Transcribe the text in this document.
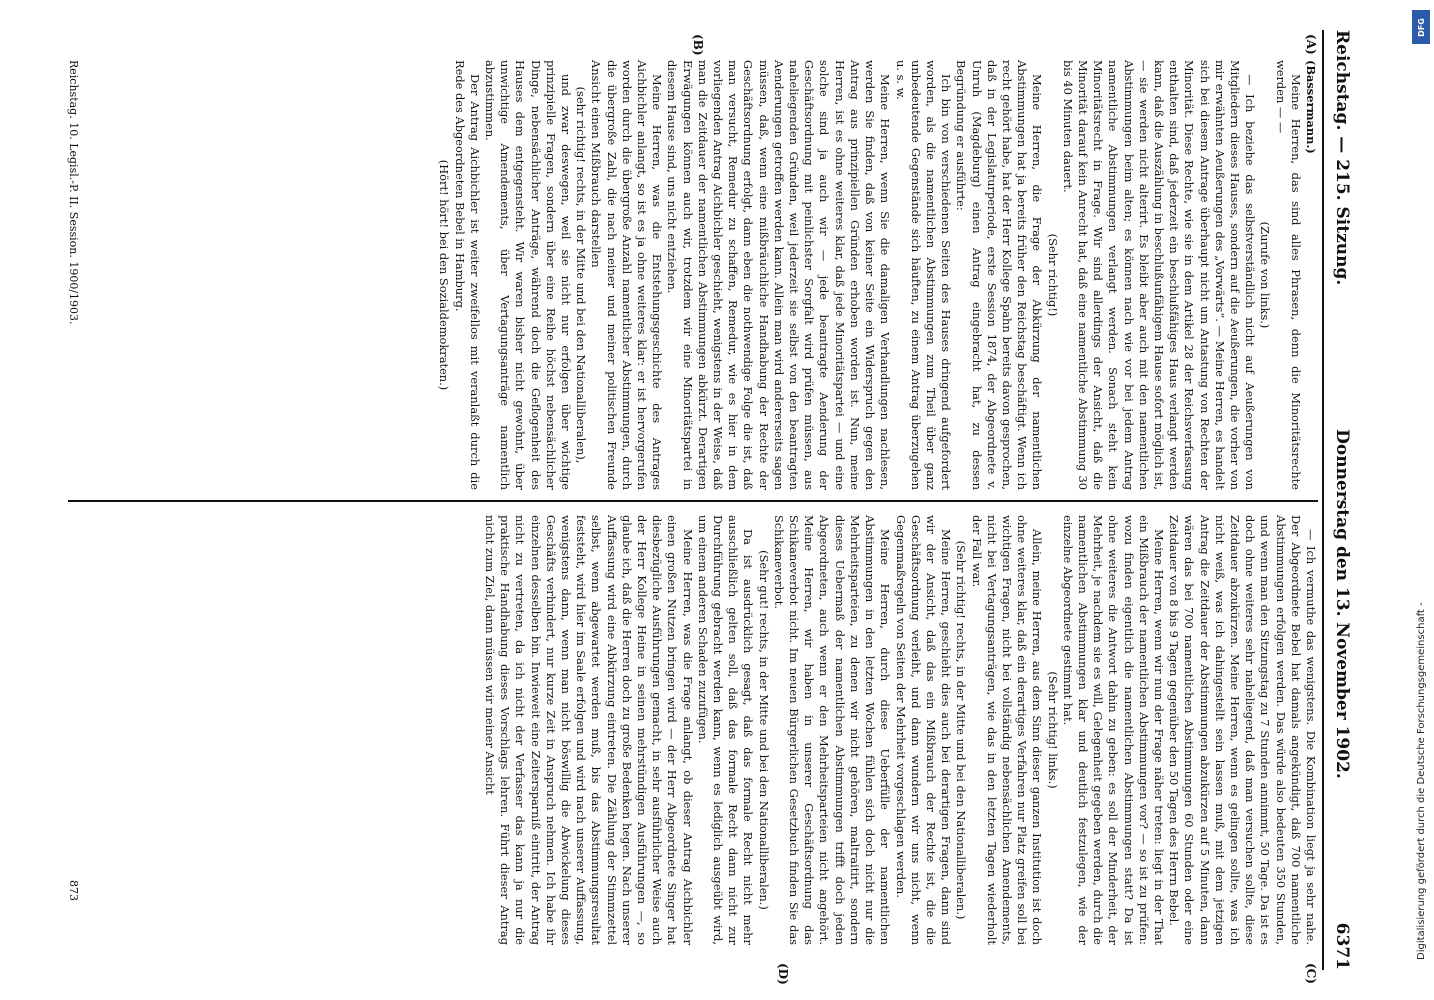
Reichstag. — 215. Sitzung.
Donnerstag den 13. November 1902.
6371
(A)
(B)
(C)
(D)

(Bassermann.)

Meine Herren, das sind alles Phrasen, denn die Minoritätsrechte werden — —

(Zurufe von links.)

— Ich beziehe das selbstverständlich nicht auf Aeußerungen von Mitgliedern dieses Hauses, sondern auf die Aeußerungen, die vorher von mir erwähnten Aeußerungen des „Vorwärts“. — Meine Herren, es handelt sich bei diesem Antrage überhaupt nicht um Antastung von Rechten der Minorität. Diese Rechte, wie sie in dem Artikel 28 der Reichsverfassung enthalten sind, daß jederzeit ein beschlußfähiges Haus verlangt werden kann, daß die Auszählung in beschlußunfähigem Hause sofort möglich ist, — sie werden nicht alterirt. Es bleibt aber auch mit den namentlichen Abstimmungen beim alten; es können nach wie vor bei jedem Antrag namentliche Abstimmungen verlangt werden. Sonach steht kein Minoritätsrecht in Frage. Wir sind allerdings der Ansicht, daß die Minorität darauf kein Anrecht hat, daß eine namentliche Abstimmung 30 bis 40 Minuten dauert.

(Sehr richtig!)

Meine Herren, die Frage der Abkürzung der namentlichen Abstimmungen hat ja bereits früher den Reichstag beschäftigt. Wenn ich recht gehört habe, hat der Herr Kollege Spahn bereits davon gesprochen, daß in der Legislaturperiode, erste Session 1874, der Abgeordnete v. Unruh (Magdeburg) einen Antrag eingebracht hat, zu dessen Begründung er ausführte:

Ich bin von verschiedenen Seiten des Hauses dringend aufgefordert worden, als die namentlichen Abstimmungen zum Theil über ganz unbedeutende Gegenstände sich häuften, zu einem Antrag überzugehen u. s. w.

Meine Herren, wenn Sie die damaligen Verhandlungen nachlesen, werden Sie finden, daß von keiner Seite ein Widerspruch gegen den Antrag aus prinzipiellen Gründen erhoben worden ist. Nun, meine Herren, ist es ohne weiteres klar, daß jede Minoritätspartei — und eine solche sind ja auch wir — jede beantragte Aenderung der Geschäftsordnung mit peinlichster Sorgfalt wird prüfen müssen, aus naheliegenden Gründen, weil jederzeit sie selbst von den beantragten Aenderungen getroffen werden kann. Allein man wird andererseits sagen müssen, daß, wenn eine mißbräuchliche Handhabung der Rechte der Geschäftsordnung erfolgt, dann eben die nothwendige Folge die ist, daß man versucht, Remedur zu schaffen, Remedur, wie es hier in dem vorliegenden Antrag Aichbichler geschieht, wenigstens in der Weise, daß man die Zeitdauer der namentlichen Abstimmungen abkürzt. Derartigen Erwägungen können auch wir, trotzdem wir eine Minoritätspartei in diesem Hause sind, uns nicht entziehen.

Meine Herren, was die Entstehungsgeschichte des Antrages Aichbichler anlangt, so ist es ja ohne weiteres klar: er ist hervorgerufen worden durch die übergroße Anzahl namentlicher Abstimmungen, durch die übergroße Zahl, die nach meiner und meiner politischen Freunde Ansicht einen Mißbrauch darstellen

(sehr richtig! rechts, in der Mitte und bei den Nationalliberalen),

und zwar deswegen, weil sie nicht nur erfolgen über wichtige prinzipielle Fragen, sondern über eine Reihe höchst nebensächlicher Dinge, nebensächlicher Anträge, während doch die Geflogenheit des Hauses dem entgegensteht. Wir waren bisher nicht gewohnt, über unwichtige Amendements, über Vertagungsanträge namentlich abzustimmen.

Der Antrag Aichbichler ist weiter zweifellos mit veranlaßt durch die Rede des Abgeordneten Bebel in Hamburg.

(Hört! hört! bei den Sozialdemokraten.)

— Ich vermuthe das wenigstens. Die Kombination liegt ja sehr nahe. Der Abgeordnete Bebel hat damals angekündigt, daß 700 namentliche Abstimmungen erfolgen werden. Das würde also bedeuten 350 Stunden, und wenn man den Sitzungstag zu 7 Stunden annimmt, 50 Tage. Da ist es doch ohne weiteres sehr naheliegend, daß man versuchen sollte, diese Zeitdauer abzukürzen. Meine Herren, wenn es gelingen sollte, was ich nicht weiß, was ich dahingestellt sein lassen muß, mit dem jetzigen Antrag die Zeitdauer der Abstimmungen abzukürzen auf 5 Minuten, dann wären das bei 700 namentlichen Abstimmungen 60 Stunden oder eine Zeitdauer von 8 bis 9 Tagen gegenüber den 50 Tagen des Herrn Bebel.

Meine Herren, wenn wir nun der Frage näher treten: liegt in der That ein Mißbrauch der namentlichen Abstimmungen vor? — so ist zu prüfen: wozu finden eigentlich die namentlichen Abstimmungen statt? Da ist ohne weiteres die Antwort dahin zu geben: es soll der Minderheit, der Mehrheit, je nachdem sie es will, Gelegenheit gegeben werden, durch die namentlichen Abstimmungen klar und deutlich festzulegen, wie der einzelne Abgeordnete gestimmt hat.

(Sehr richtig! links.)

Allein, meine Herren, aus dem Sinn dieser ganzen Institution ist doch ohne weiteres klar, daß ein derartiges Verfahren nur Platz greifen soll bei wichtigen Fragen, nicht bei vollständig nebensächlichen Amendements, nicht bei Vertagungsanträgen, wie das in den letzten Tagen wiederholt der Fall war.

(Sehr richtig! rechts, in der Mitte und bei den Nationalliberalen.)

Meine Herren, geschieht dies auch bei derartigen Fragen, dann sind wir der Ansicht, daß das ein Mißbrauch der Rechte ist, die die Geschäftsordnung verleiht, und dann wundern wir uns nicht, wenn Gegenmaßregeln von Seiten der Mehrheit vorgeschlagen werden.

Meine Herren, durch diese Ueberfülle der namentlichen Abstimmungen in den letzten Wochen fühlen sich doch nicht nur die Mehrheitsparteien, zu denen wir nicht gehören, maltraitirt, sondern dieses Uebermaß der namentlichen Abstimmungen trifft doch jeden Abgeordneten, auch wenn er den Mehrheitsparteien nicht angehört. Meine Herren, wir haben in unserer Geschäftsordnung das Schikaneverbot nicht. Im neuen Bürgerlichen Gesetzbuch finden Sie das Schikaneverbot.

(Sehr gut! rechts, in der Mitte und bei den Nationalliberalen.)

Da ist ausdrücklich gesagt, daß das formale Recht nicht mehr ausschließlich gelten soll, daß das formale Recht dann nicht zur Durchführung gebracht werden kann, wenn es lediglich ausgeübt wird, um einem anderen Schaden zuzufügen.

Meine Herren, was die Frage anlangt, ob dieser Antrag Aichbichler einen großen Nutzen bringen wird — der Herr Abgeordnete Singer hat diesbezügliche Ausführungen gemacht, in sehr ausführlicher Weise auch der Herr Kollege Heine in seinen mehrstündigen Ausführungen —, so glaube ich, daß die Herren doch zu große Bedenken hegen. Nach unserer Auffassung wird eine Abkürzung eintreten. Die Zählung der Stimmzettel selbst, wenn abgewartet werden muß, bis das Abstimmungsresultat feststeht, wird hier im Saale erfolgen und wird nach unserer Auffassung, wenigstens dann, wenn man nicht böswillig die Abwickelung dieses Geschäfts verhindert, nur kurze Zeit in Anspruch nehmen. Ich habe ihr einzelnen desselben bin. Inwieweit eine Zeitersparniß eintritt, der Antrag nicht zu vertreten, da ich nicht der Verfasser das kann ja nur die praktische Handhabung dieses Vorschlags lehren. Führt dieser Antrag nicht zum Ziel, dann müssen wir meiner Ansicht

Reichstag. 10. Legisl.-P. II. Session. 1900/1903.
873
DFG
Digitalisierung gefördert durch die Deutsche Forschungsgemeinschaft -
